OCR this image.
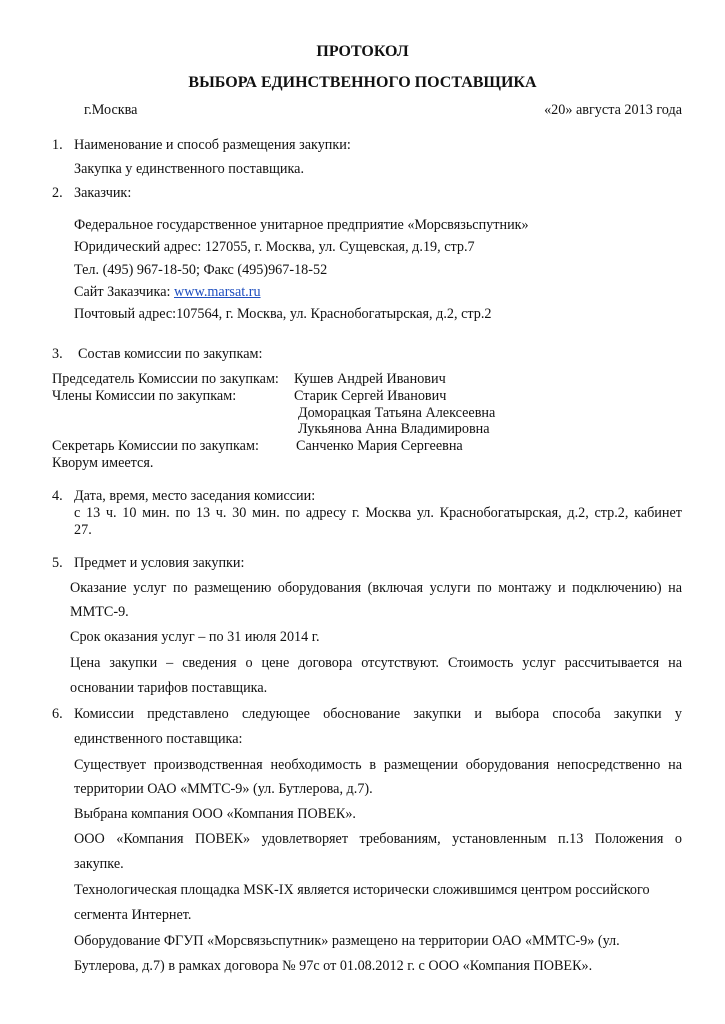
ПРОТОКОЛ
ВЫБОРА ЕДИНСТВЕННОГО ПОСТАВЩИКА
г.Москва	«20» августа 2013 года
1. Наименование и способ размещения закупки:
Закупка у единственного поставщика.
2. Заказчик:
Федеральное государственное унитарное предприятие «Морсвязьспутник»
Юридический адрес: 127055, г. Москва, ул. Сущевская, д.19, стр.7
Тел. (495) 967-18-50; Факс (495)967-18-52
Сайт Заказчика: www.marsat.ru
Почтовый адрес:107564, г. Москва, ул. Краснобогатырская, д.2, стр.2
3. Состав комиссии по закупкам:
Председатель Комиссии по закупкам: Кушев Андрей Иванович
Члены Комиссии по закупкам:	Старик Сергей Иванович
Доморацкая Татьяна Алексеевна
Лукьянова Анна Владимировна
Секретарь Комиссии по закупкам:	Санченко Мария Сергеевна
Кворум имеется.
4. Дата, время, место заседания комиссии:
с 13 ч. 10 мин. по 13 ч. 30 мин. по адресу г. Москва ул. Краснобогатырская, д.2, стр.2, кабинет
27.
5. Предмет и условия закупки:
Оказание услуг по размещению оборудования (включая услуги по монтажу и подключению) на
ММТС-9.
Срок оказания услуг – по 31 июля 2014 г.
Цена закупки – сведения о цене договора отсутствуют. Стоимость услуг рассчитывается на
основании тарифов поставщика.
6. Комиссии представлено следующее обоснование закупки и выбора способа закупки у
единственного поставщика:
Существует производственная необходимость в размещении оборудования непосредственно на
территории ОАО «ММТС-9» (ул. Бутлерова, д.7).
Выбрана компания ООО «Компания ПОВЕК».
ООО «Компания ПОВЕК» удовлетворяет требованиям, установленным п.13 Положения о
закупке.
Технологическая площадка MSK-IX является исторически сложившимся центром российского
сегмента Интернет.
Оборудование ФГУП «Морсвязьспутник» размещено на территории ОАО «ММТС-9» (ул.
Бутлерова, д.7) в рамках договора № 97с от 01.08.2012 г. с ООО «Компания ПОВЕК».
